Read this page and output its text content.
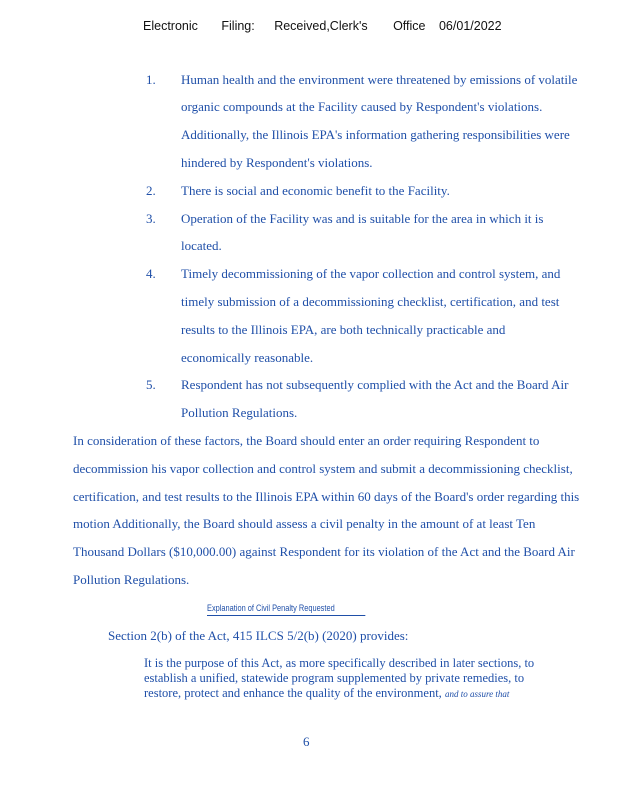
Electronic Filing: Received,Clerk's Office 06/01/2022
1. Human health and the environment were threatened by emissions of volatile
organic compounds at the Facility caused by Respondent's violations.
Additionally, the Illinois EPA's information gathering responsibilities were
hindered by Respondent's violations.
2. There is social and economic benefit to the Facility.
3. Operation of the Facility was and is suitable for the area in which it is
located.
4. Timely decommissioning of the vapor collection and control system, and
timely submission of a decommissioning checklist, certification, and test
results to the Illinois EPA, are both technically practicable and
economically reasonable.
5. Respondent has not subsequently complied with the Act and the Board Air
Pollution Regulations.
In consideration of these factors, the Board should enter an order requiring Respondent to
decommission his vapor collection and control system and submit a decommissioning checklist,
certification, and test results to the Illinois EPA within 60 days of the Board's order regarding this
motion Additionally, the Board should assess a civil penalty in the amount of at least Ten
Thousand Dollars ($10,000.00) against Respondent for its violation of the Act and the Board Air
Pollution Regulations.
Explanation of Civil Penalty Requested
Section 2(b) of the Act, 415 ILCS 5/2(b) (2020) provides:
It is the purpose of this Act, as more specifically described in later sections, to
establish a unified, statewide program supplemented by private remedies, to
restore, protect and enhance the quality of the environment, and to assure that
6
